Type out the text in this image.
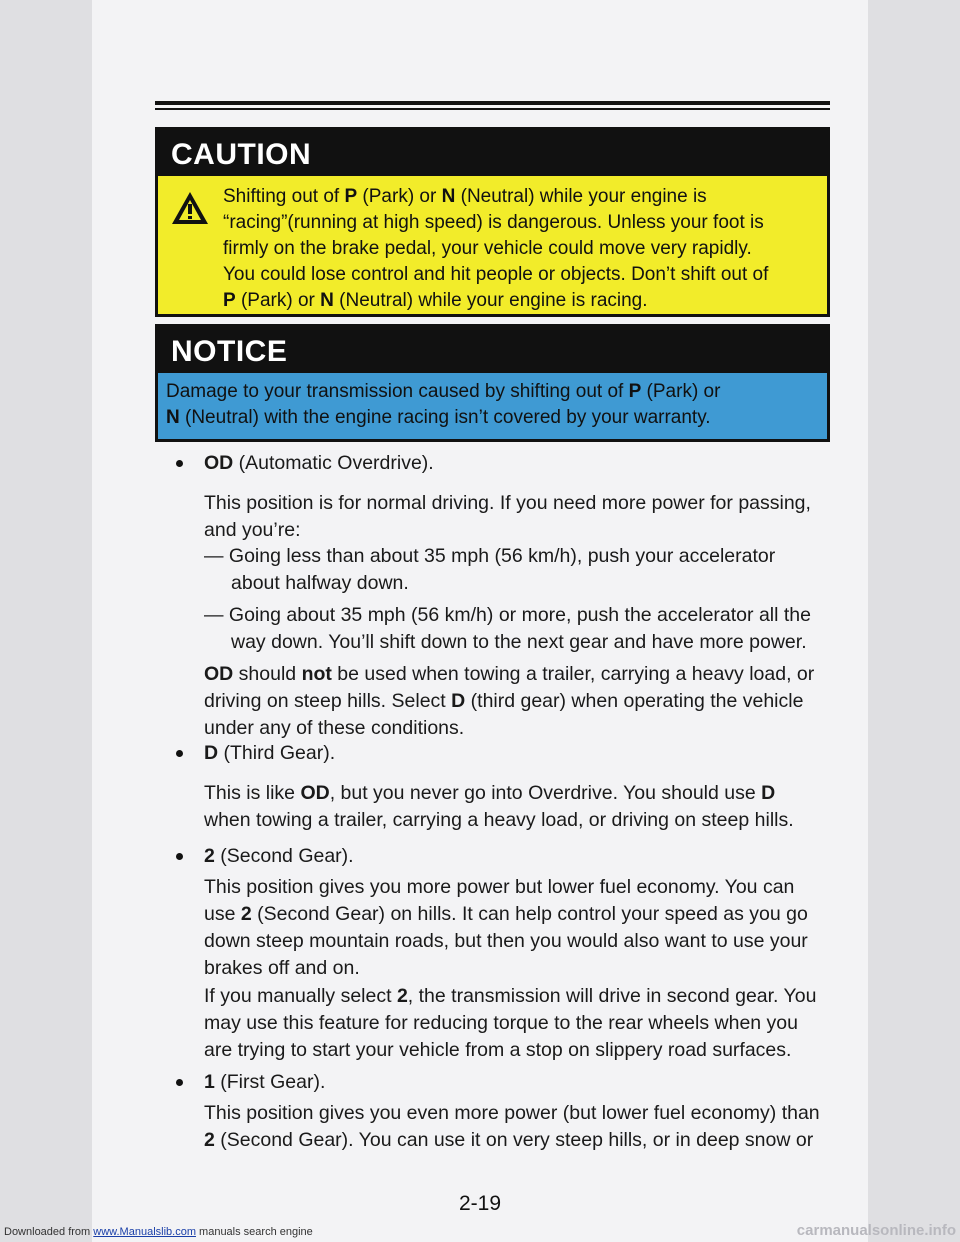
CAUTION
Shifting out of P (Park) or N (Neutral) while your engine is
“racing”(running at high speed) is dangerous. Unless your foot is
firmly on the brake pedal, your vehicle could move very rapidly.
You could lose control and hit people or objects. Don’t shift out of
P (Park) or N (Neutral) while your engine is racing.
NOTICE
Damage to your transmission caused by shifting out of P (Park) or
N (Neutral) with the engine racing isn’t covered by your warranty.
OD (Automatic Overdrive).
This position is for normal driving. If you need more power for passing,
and you’re:
— Going less than about 35 mph (56 km/h), push your accelerator
about halfway down.
— Going about 35 mph (56 km/h) or more, push the accelerator all the
way down. You’ll shift down to the next gear and have more power.
OD should not be used when towing a trailer, carrying a heavy load, or
driving on steep hills. Select D (third gear) when operating the vehicle
under any of these conditions.
D (Third Gear).
This is like OD, but you never go into Overdrive. You should use D
when towing a trailer, carrying a heavy load, or driving on steep hills.
2 (Second Gear).
This position gives you more power but lower fuel economy. You can
use 2 (Second Gear) on hills. It can help control your speed as you go
down steep mountain roads, but then you would also want to use your
brakes off and on.
If you manually select 2, the transmission will drive in second gear. You
may use this feature for reducing torque to the rear wheels when you
are trying to start your vehicle from a stop on slippery road surfaces.
1 (First Gear).
This position gives you even more power (but lower fuel economy) than
2 (Second Gear). You can use it on very steep hills, or in deep snow or
2-19
Downloaded from www.Manualslib.com manuals search engine	carmanualsonline.info
